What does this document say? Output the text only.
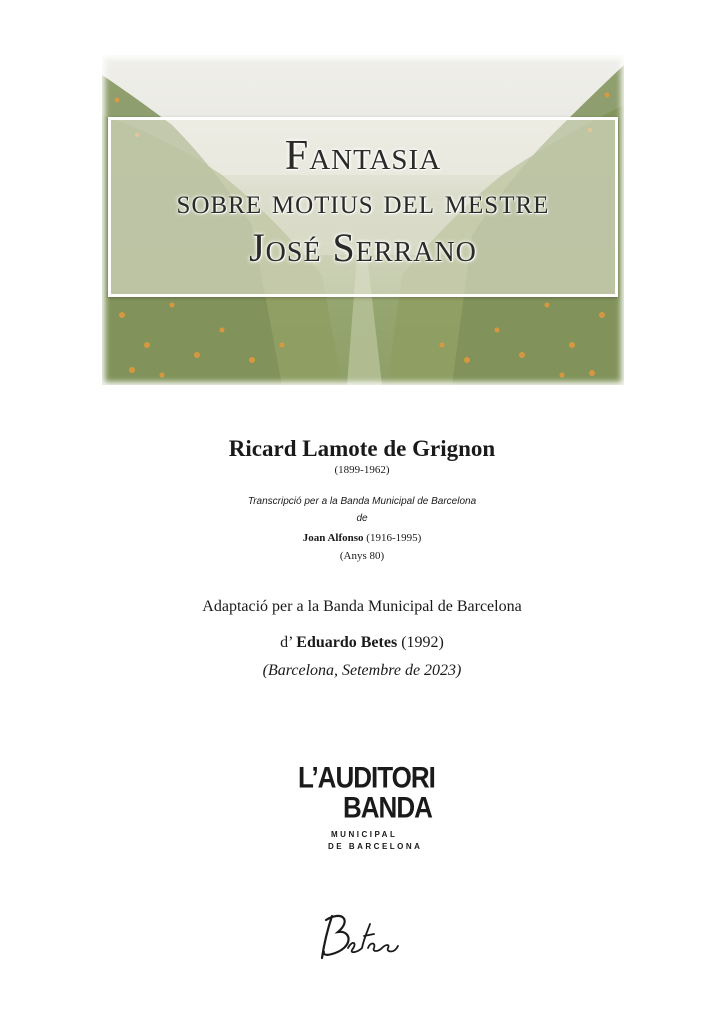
Fantasia
sobre motius del mestre
José Serrano
Ricard Lamote de Grignon
(1899-1962)
Transcripció per a la Banda Municipal de Barcelona
de
Joan Alfonso (1916-1995)
(Anys 80)
Adaptació per a la Banda Municipal de Barcelona
d’ Eduardo Betes (1992)
(Barcelona, Setembre de 2023)
L’AUDITORI
BANDA
MUNICIPAL
DE BARCELONA
